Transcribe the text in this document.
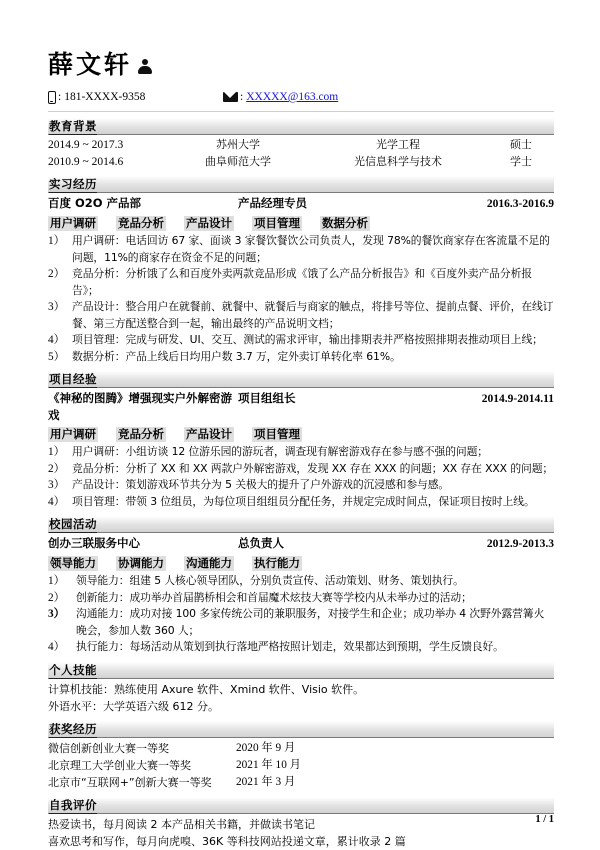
薛文轩
: 181-XXXX-9358	: XXXXX@163.com
教育背景
2014.9 ~ 2017.3	苏州大学	光学工程	硕士
2010.9 ~ 2014.6	曲阜师范大学	光信息科学与技术	学士
实习经历
百度 O2O 产品部	产品经理专员	2016.3-2016.9
用户调研 竞品分析 产品设计 项目管理 数据分析
1） 用户调研：电话回访 67 家、面谈 3 家餐饮餐饮公司负责人，发现 78%的餐饮商家存在客流量不足的问题，11%的商家存在资金不足的问题；
2） 竞品分析：分析饿了么和百度外卖两款竞品形成《饿了么产品分析报告》和《百度外卖产品分析报告》；
3） 产品设计：整合用户在就餐前、就餐中、就餐后与商家的触点，将排号等位、提前点餐、评价，在线订餐、第三方配送整合到一起，输出最终的产品说明文档；
4） 项目管理：完成与研发、UI、交互、测试的需求评审，输出排期表并严格按照排期表推动项目上线；
5） 数据分析：产品上线后日均用户数 3.7 万，定外卖订单转化率 61%。
项目经验
《神秘的图腾》增强现实户外解密游戏
项目组组长	2014.9-2014.11
用户调研 竞品分析 产品设计 项目管理
1） 用户调研：小组访谈 12 位游乐园的游玩者，调查现有解密游戏存在参与感不强的问题；
2） 竞品分析：分析了 XX 和 XX 两款户外解密游戏，发现 XX 存在 XXX 的问题；XX 存在 XXX 的问题；
3） 产品设计：策划游戏环节共分为 5 关极大的提升了户外游戏的沉浸感和参与感。
4） 项目管理：带领 3 位组员，为每位项目组组员分配任务，并规定完成时间点，保证项目按时上线。
校园活动
创办三联服务中心	总负责人	2012.9-2013.3
领导能力 协调能力 沟通能力 执行能力
1）	领导能力：组建 5 人核心领导团队，分别负责宣传、活动策划、财务、策划执行。
2）	创新能力：成功举办首届鹊桥相会和首届魔术炫技大赛等学校内从未举办过的活动；
3）	沟通能力：成功对接 100 多家传统公司的兼职服务，对接学生和企业；成功举办 4 次野外露营篝火晚会，参加人数 360 人；
4）	执行能力：每场活动从策划到执行落地严格按照计划走，效果都达到预期，学生反馈良好。
个人技能
计算机技能：熟练使用 Axure 软件、Xmind 软件、Visio 软件。
外语水平：大学英语六级 612 分。
获奖经历
微信创新创业大赛一等奖	2020 年 9 月
北京理工大学创业大赛一等奖	2021 年 10 月
北京市“互联网+”创新大赛一等奖	2021 年 3 月
自我评价
热爱读书，每月阅读 2 本产品相关书籍，并做读书笔记
喜欢思考和写作，每月向虎嗅、36K 等科技网站投递文章，累计收录 2 篇
1 / 1
